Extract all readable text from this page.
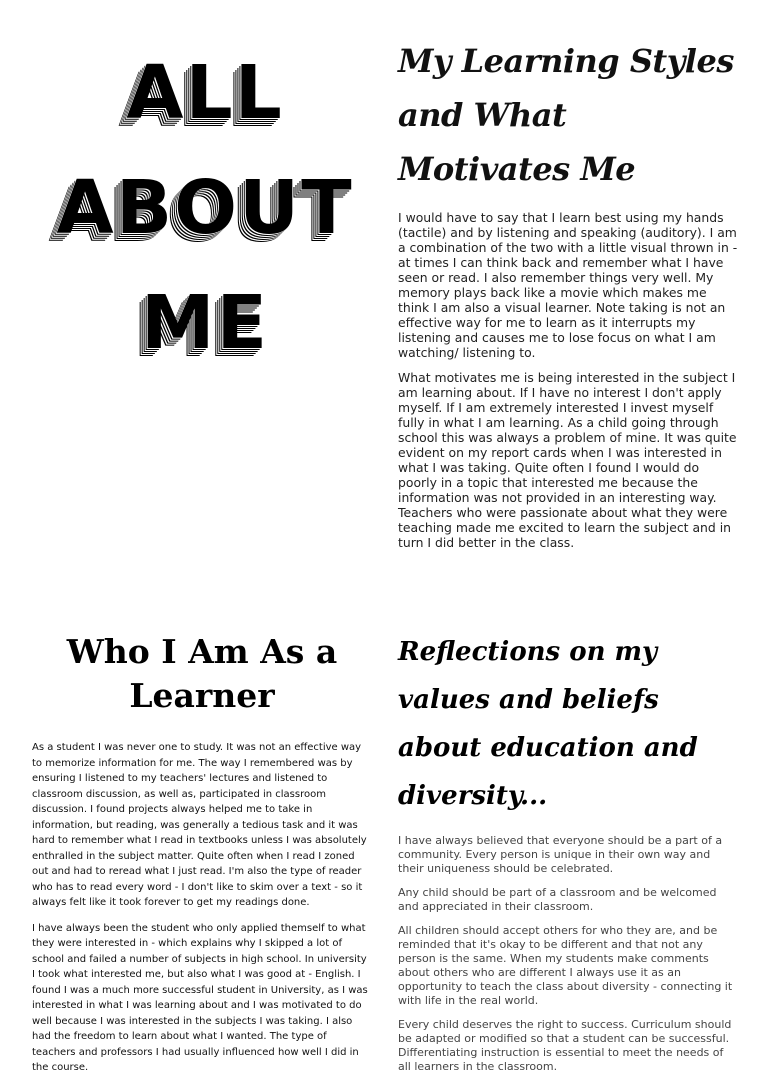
ALL
ABOUT
ME
My Learning Styles and What Motivates Me

I would have to say that I learn best using my hands (tactile) and by listening and speaking (auditory). I am a combination of the two with a little visual thrown in - at times I can think back and remember what I have seen or read. I also remember things very well. My memory plays back like a movie which makes me think I am also a visual learner. Note taking is not an effective way for me to learn as it interrupts my listening and causes me to lose focus on what I am watching/ listening to.

What motivates me is being interested in the subject I am learning about. If I have no interest I don't apply myself. If I am extremely interested I invest myself fully in what I am learning. As a child going through school this was always a problem of mine. It was quite evident on my report cards when I was interested in what I was taking. Quite often I found I would do poorly in a topic that interested me because the information was not provided in an interesting way. Teachers who were passionate about what they were teaching made me excited to learn the subject and in turn I did better in the class.

Who I Am As a Learner

As a student I was never one to study. It was not an effective way to memorize information for me. The way I remembered was by ensuring I listened to my teachers' lectures and listened to classroom discussion, as well as, participated in classroom discussion. I found projects always helped me to take in information, but reading, was generally a tedious task and it was hard to remember what I read in textbooks unless I was absolutely enthralled in the subject matter. Quite often when I read I zoned out and had to reread what I just read. I'm also the type of reader who has to read every word - I don't like to skim over a text - so it always felt like it took forever to get my readings done.

I have always been the student who only applied themself to what they were interested in - which explains why I skipped a lot of school and failed a number of subjects in high school. In university I took what interested me, but also what I was good at - English. I found I was a much more successful student in University, as I was interested in what I was learning about and I was motivated to do well because I was interested in the subjects I was taking. I also had the freedom to learn about what I wanted. The type of teachers and professors I had usually influenced how well I did in the course.

Reflections on my values and beliefs about education and diversity...

I have always believed that everyone should be a part of a community. Every person is unique in their own way and their uniqueness should be celebrated.

Any child should be part of a classroom and be welcomed and appreciated in their classroom.

All children should accept others for who they are, and be reminded that it's okay to be different and that not any person is the same. When my students make comments about others who are different I always use it as an opportunity to teach the class about diversity - connecting it with life in the real world.

Every child deserves the right to success. Curriculum should be adapted or modified so that a student can be successful. Differentiating instruction is essential to meet the needs of all learners in the classroom.
